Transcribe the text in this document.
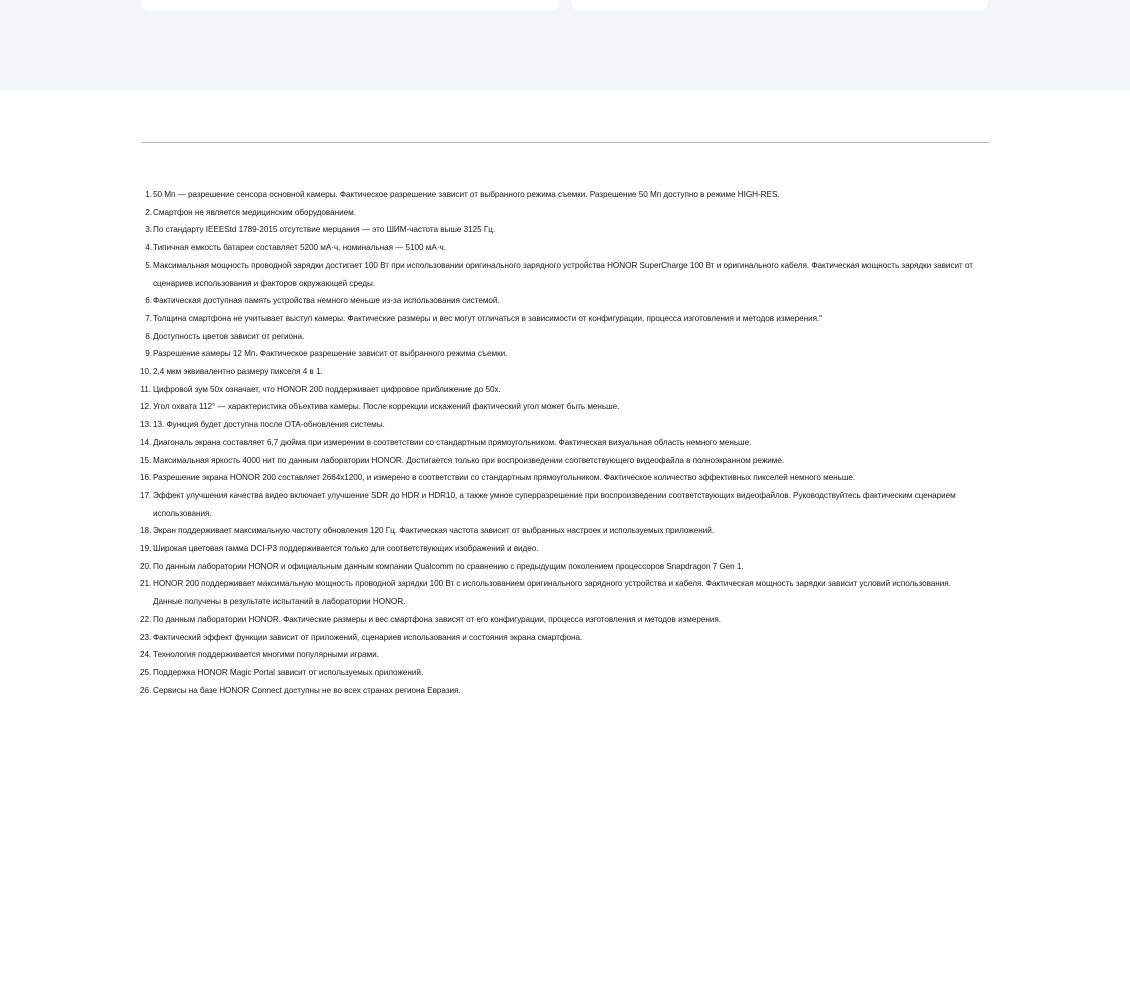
1. 50 Мп — разрешение сенсора основной камеры. Фактическое разрешение зависит от выбранного режима съемки. Разрешение 50 Мп доступно в режиме HIGH-RES.
2. Смартфон не является медицинским оборудованием.
3. По стандарту IEEEStd 1789-2015 отсутствие мерцания — это ШИМ-частота выше 3125 Гц.
4. Типичная емкость батареи составляет 5200 мА·ч, номинальная — 5100 мА·ч.
5. Максимальная мощность проводной зарядки достигает 100 Вт при использовании оригинального зарядного устройства HONOR SuperCharge 100 Вт и оригинального кабеля. Фактическая мощность зарядки зависит от сценариев использования и факторов окружающей среды.
6. Фактическая доступная память устройства немного меньше из-за использования системой.
7. Толщина смартфона не учитывает выступ камеры. Фактические размеры и вес могут отличаться в зависимости от конфигурации, процесса изготовления и методов измерения."
8. Доступность цветов зависит от региона.
9. Разрешение камеры 12 Мп. Фактическое разрешение зависит от выбранного режима съемки.
10. 2,4 мкм эквивалентно размеру пикселя 4 в 1.
11. Цифровой зум 50x означает, что HONOR 200 поддерживает цифровое приближение до 50x.
12. Угол охвата 112° — характеристика объектива камеры. После коррекции искажений фактический угол может быть меньше.
13. 13. Функция будет доступна после OTA-обновления системы.
14. Диагональ экрана составляет 6,7 дюйма при измерении в соответствии со стандартным прямоугольником. Фактическая визуальная область немного меньше.
15. Максимальная яркость 4000 нит по данным лаборатории HONOR. Достигается только при воспроизведении соответствующего видеофайла в полноэкранном режиме.
16. Разрешение экрана HONOR 200 составляет 2664x1200, и измерено в соответствии со стандартным прямоугольником. Фактическое количество эффективных пикселей немного меньше.
17. Эффект улучшения качества видео включает улучшение SDR до HDR и HDR10, а также умное суперразрешение при воспроизведении соответствующих видеофайлов. Руководствуйтесь фактическим сценарием использования.
18. Экран поддерживает максимальную частоту обновления 120 Гц. Фактическая частота зависит от выбранных настроек и используемых приложений.
19. Широкая цветовая гамма DCI-P3 поддерживается только для соответствующих изображений и видео.
20. По данным лаборатории HONOR и официальным данным компании Qualcomm по сравнению с предыдущим поколением процессоров Snapdragon 7 Gen 1.
21. HONOR 200 поддерживает максимальную мощность проводной зарядки 100 Вт с использованием оригинального зарядного устройства и кабеля. Фактическая мощность зарядки зависит условий использования. Данные получены в результате испытаний в лаборатории HONOR.
22. По данным лаборатории HONOR. Фактические размеры и вес смартфона зависят от его конфигурации, процесса изготовления и методов измерения.
23. Фактический эффект функции зависит от приложений, сценариев использования и состояния экрана смартфона.
24. Технология поддерживается многими популярными играми.
25. Поддержка HONOR Magic Portal зависит от используемых приложений.
26. Сервисы на базе HONOR Connect доступны не во всех странах региона Евразия.
